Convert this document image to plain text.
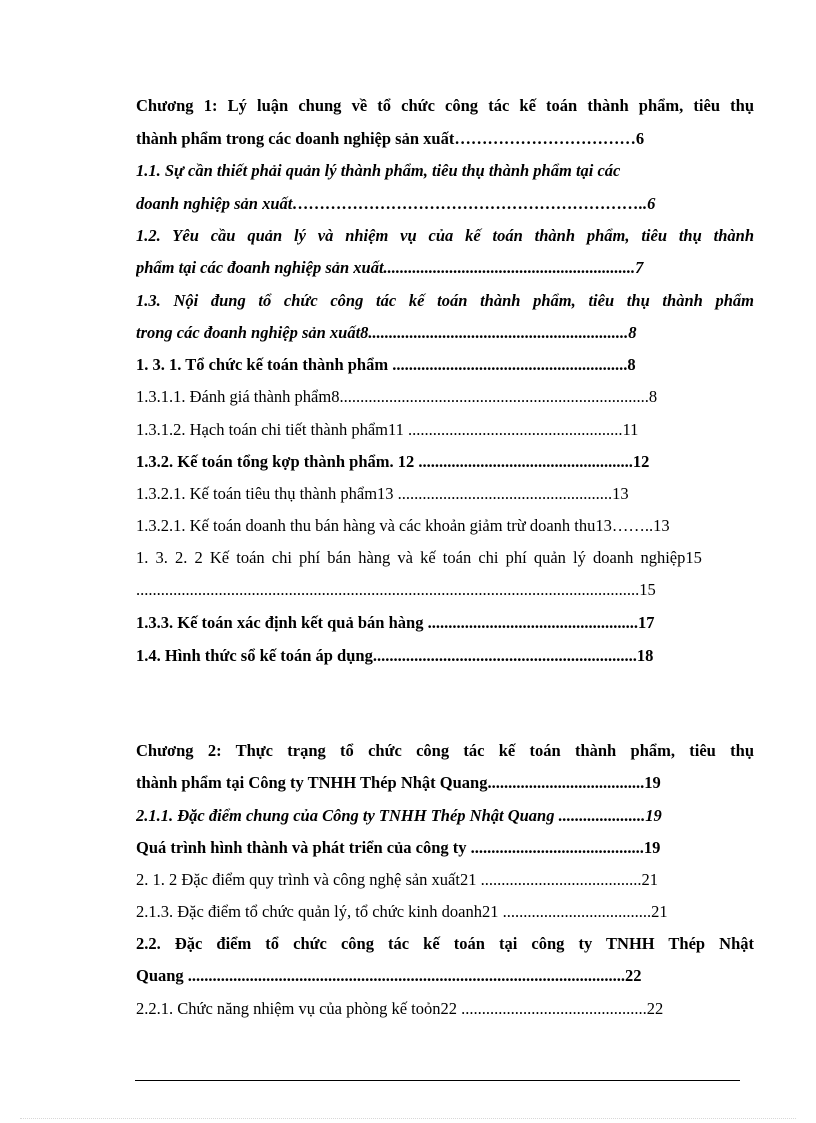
Chương 1: Lý luận chung về tổ chức công tác kế toán thành phẩm, tiêu thụ
thành phẩm trong các doanh nghiệp sản xuất……………………………6
1.1. Sự cần thiết phải quản lý thành phẩm, tiêu thụ thành phẩm tại các
doanh nghiệp sản xuất………………………………………………………..6
1.2. Yêu cầu quản lý và nhiệm vụ của kế toán thành phẩm, tiêu thụ thành
phẩm tại các đoanh nghiệp sản xuất.............................................................7
1.3. Nội đung tổ chức công tác kế toán thành phẩm, tiêu thụ thành phẩm
trong các đoanh nghiệp sản xuất8...............................................................8
1. 3. 1. Tổ chức kế toán thành phẩm .........................................................8
1.3.1.1. Đánh giá thành phẩm8...........................................................................8
1.3.1.2. Hạch toán chi tiết thành phẩm11 ....................................................11
1.3.2. Kế toán tổng kợp thành phẩm. 12 ....................................................12
1.3.2.1. Kế toán tiêu thụ thành phẩm13 ....................................................13
1.3.2.1. Kế toán doanh thu bán hàng và các khoản giảm trừ doanh thu13……..13
1. 3. 2. 2 Kế toán chi phí bán hàng và kế toán chi phí quản lý doanh nghiệp15
..........................................................................................................................15
1.3.3. Kế toán xác định kết quả bán hàng ...................................................17
1.4. Hình thức sổ kế toán áp dụng................................................................18
Chương 2: Thực trạng tổ chức công tác kế toán thành phẩm, tiêu thụ
thành phẩm tại Công ty TNHH Thép Nhật Quang......................................19
2.1.1. Đặc điểm chung của Công ty TNHH Thép Nhật Quang .....................19
Quá trình hình thành và phát triển của công ty ..........................................19
2. 1. 2 Đặc điểm quy trình và công nghệ sản xuất21 .......................................21
2.1.3. Đặc điểm tổ chức quản lý, tổ chức kinh doanh21 ....................................21
2.2. Đặc điểm tổ chức công tác kế toán tại công ty TNHH Thép Nhật
Quang ..........................................................................................................22
2.2.1. Chức năng nhiệm vụ của phòng kế toỏn22 .............................................22
